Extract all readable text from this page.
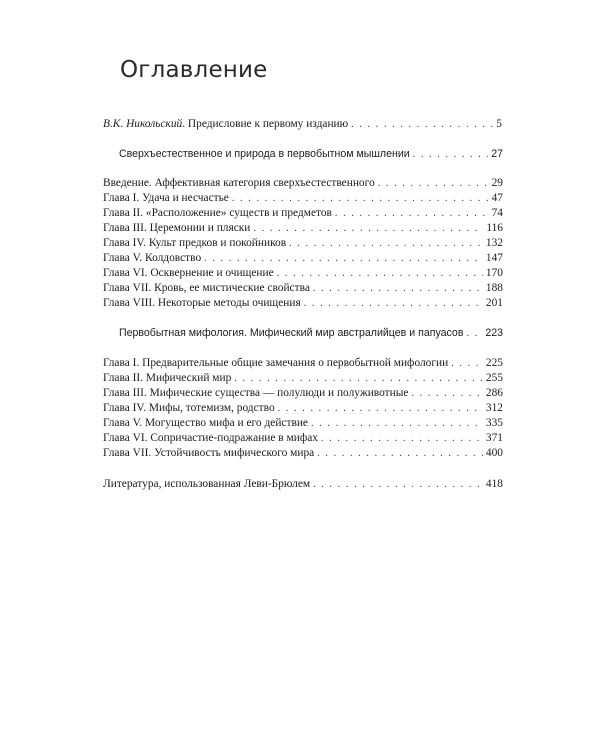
Оглавление
В.К. Никольский. Предисловие к первому изданию . . .	5
Сверхъестественное и природа в первобытном мышлении . . .	27
Введение. Аффективная категория сверхъестественного . . .	29
Глава I. Удача и несчастье . . .	47
Глава II. «Расположение» существ и предметов . . .	74
Глава III. Церемонии и пляски . . .	116
Глава IV. Культ предков и покойников . . .	132
Глава V. Колдовство . . .	147
Глава VI. Осквернение и очищение . . .	170
Глава VII. Кровь, ее мистические свойства . . .	188
Глава VIII. Некоторые методы очищения . . .	201
Первобытная мифология. Мифический мир австралийцев и папуасов . . . 223
Глава I. Предварительные общие замечания о первобытной мифологии . . .	225
Глава II. Мифический мир . . .	255
Глава III. Мифические существа — полулюди и полуживотные . . .	286
Глава IV. Мифы, тотемизм, родство . . .	312
Глава V. Могущество мифа и его действие . . .	335
Глава VI. Сопричастие-подражание в мифах . . .	371
Глава VII. Устойчивость мифического мира . . .	400
Литература, использованная Леви-Брюлем . . .	418
